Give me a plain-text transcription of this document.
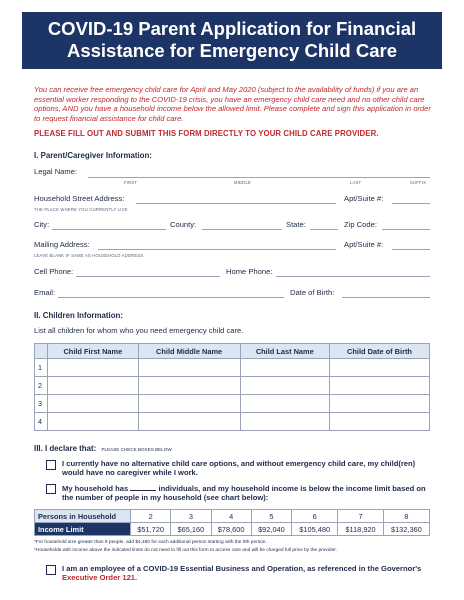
COVID-19 Parent Application for Financial
Assistance for Emergency Child Care
You can receive free emergency child care for April and May 2020 (subject to the availability of funds) if you are an essential worker responding to the COVID-19 crisis, you have an emergency child care need and no other child care options, AND you have a household income below the allowed limit. Please complete and sign this application in order to request financial assistance for child care.
PLEASE FILL OUT AND SUBMIT THIS FORM DIRECTLY TO YOUR CHILD CARE PROVIDER.
I. Parent/Caregiver Information:
Legal Name:
FIRST	MIDDLE	LAST	SUFFIX
Household Street Address:	Apt/Suite #:
THE PLACE WHERE YOU CURRENTLY LIVE
City:	County:	State:	Zip Code:
Mailing Address:	Apt/Suite #:
LEAVE BLANK IF SAME AS HOUSEHOLD ADDRESS
Cell Phone:	Home Phone:
Email:	Date of Birth:
II. Children Information:
List all children for whom who you need emergency child care.
	Child First Name	Child Middle Name	Child Last Name	Child Date of Birth
1				
2				
3				
4				
III. I declare that: PLEASE CHECK BOXES BELOW
I currently have no alternative child care options, and without emergency child care, my child(ren) would have no caregiver while I work.
My household has	individuals, and my household income is below the income limit based on the number of people in my household (see chart below):
Persons in Household	2	3	4	5	6	7	8
Income Limit	$51,720	$65,160	$78,600	$92,040	$105,480	$118,920	$132,360
*For household size greater than 8 people, add $4,480 for each additional person starting with the 9th person.
*Households with income above the indicated limits do not need to fill out this form to access care and will be charged full price by the provider.
I am an employee of a COVID-19 Essential Business and Operation, as referenced in the Governor's Executive Order 121.
